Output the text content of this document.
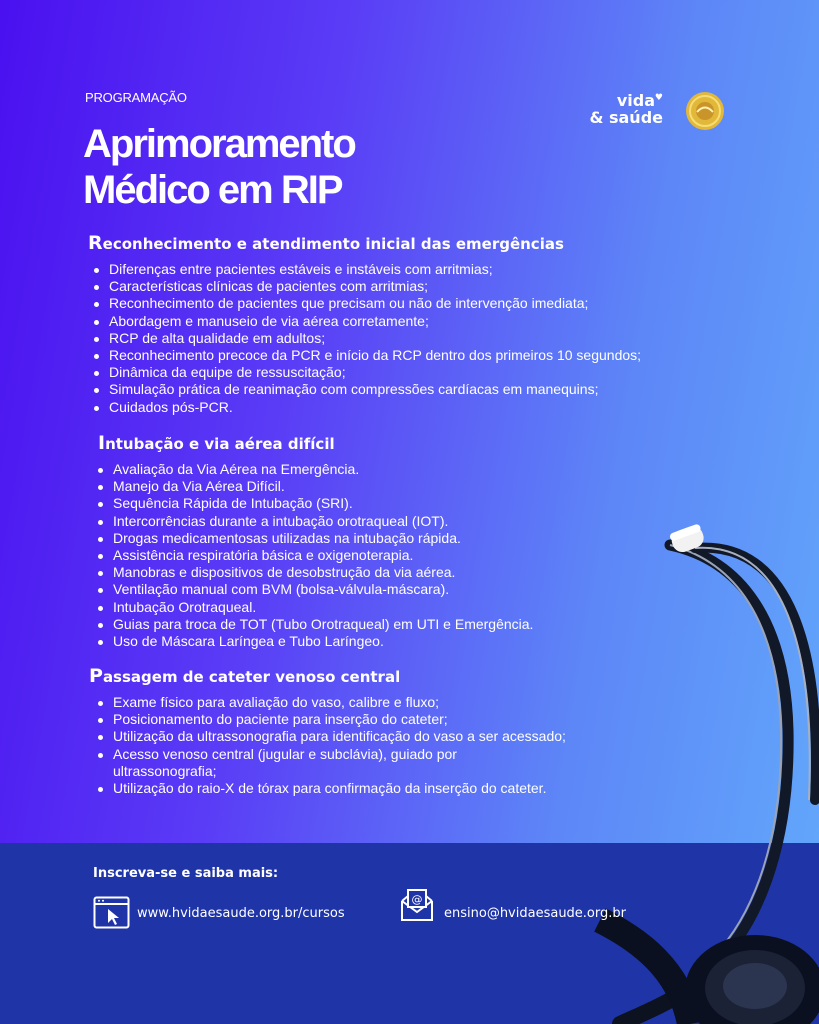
PROGRAMAÇÃO
Aprimoramento
Médico em RIP
vida ♥
& saúde
Reconhecimento e atendimento inicial das emergências
Diferenças entre pacientes estáveis e instáveis com arritmias;
Características clínicas de pacientes com arritmias;
Reconhecimento de pacientes que precisam ou não de intervenção imediata;
Abordagem e manuseio de via aérea corretamente;
RCP de alta qualidade em adultos;
Reconhecimento precoce da PCR e início da RCP dentro dos primeiros 10 segundos;
Dinâmica da equipe de ressuscitação;
Simulação prática de reanimação com compressões cardíacas em manequins;
Cuidados pós-PCR.
Intubação e via aérea difícil
Avaliação da Via Aérea na Emergência.
Manejo da Via Aérea Difícil.
Sequência Rápida de Intubação (SRI).
Intercorrências durante a intubação orotraqueal (IOT).
Drogas medicamentosas utilizadas na intubação rápida.
Assistência respiratória básica e oxigenoterapia.
Manobras e dispositivos de desobstrução da via aérea.
Ventilação manual com BVM (bolsa-válvula-máscara).
Intubação Orotraqueal.
Guias para troca de TOT (Tubo Orotraqueal) em UTI e Emergência.
Uso de Máscara Laríngea e Tubo Laríngeo.
Passagem de cateter venoso central
Exame físico para avaliação do vaso, calibre e fluxo;
Posicionamento do paciente para inserção do cateter;
Utilização da ultrassonografia para identificação do vaso a ser acessado;
Acesso venoso central (jugular e subclávia), guiado por ultrassonografia;
Utilização do raio-X de tórax para confirmação da inserção do cateter.
Inscreva-se e saiba mais:
www.hvidaesaude.org.br/cursos
@
ensino@hvidaesaude.org.br
